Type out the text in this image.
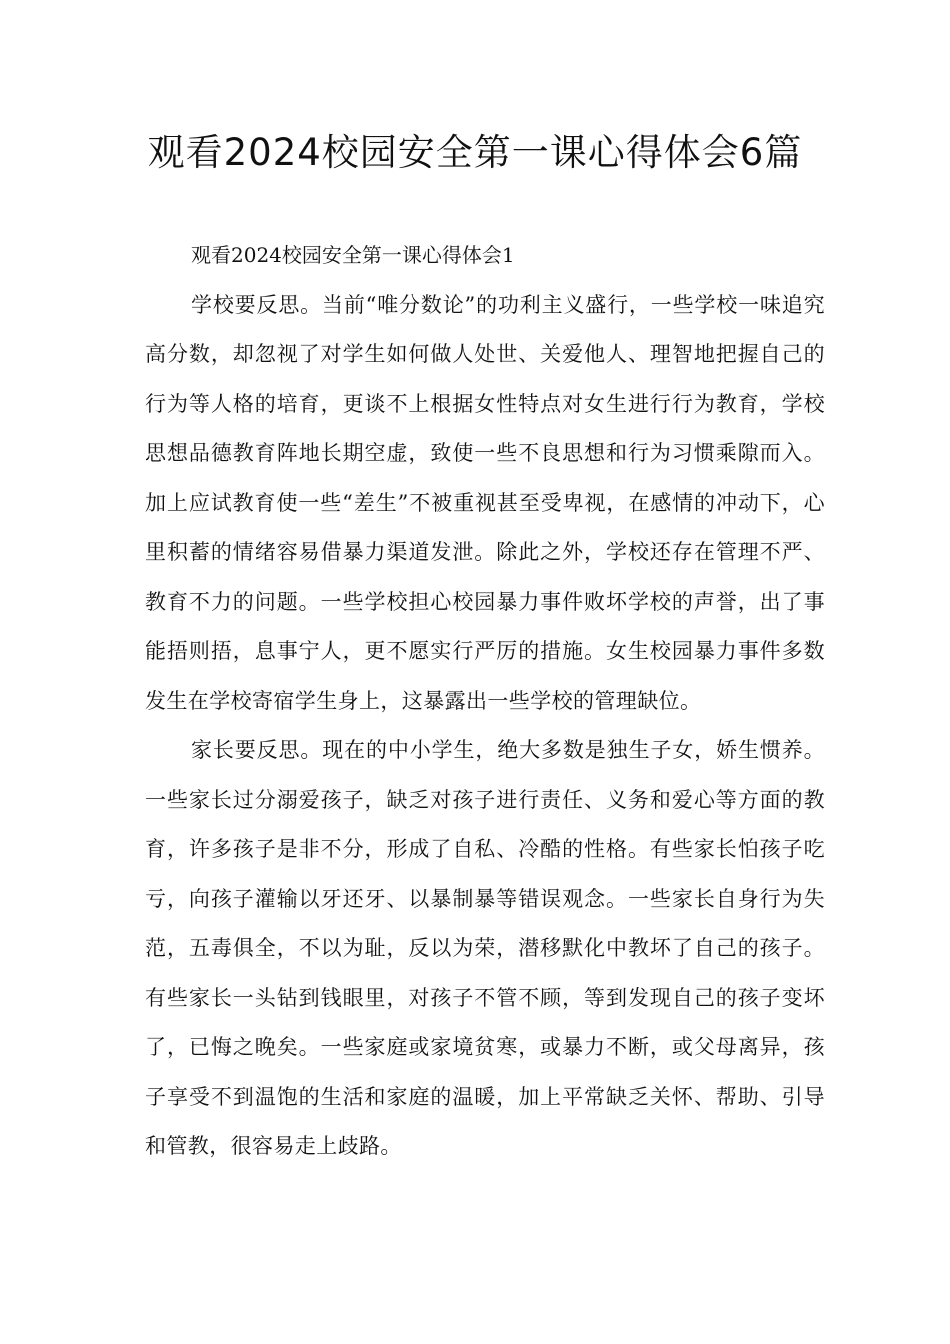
观看2024校园安全第一课心得体会6篇

观看2024校园安全第一课心得体会1

学校要反思。当前“唯分数论”的功利主义盛行，一些学校一味追究高分数，却忽视了对学生如何做人处世、关爱他人、理智地把握自己的行为等人格的培育，更谈不上根据女性特点对女生进行行为教育，学校思想品德教育阵地长期空虚，致使一些不良思想和行为习惯乘隙而入。加上应试教育使一些“差生”不被重视甚至受卑视，在感情的冲动下，心里积蓄的情绪容易借暴力渠道发泄。除此之外，学校还存在管理不严、教育不力的问题。一些学校担心校园暴力事件败坏学校的声誉，出了事能捂则捂，息事宁人，更不愿实行严厉的措施。女生校园暴力事件多数发生在学校寄宿学生身上，这暴露出一些学校的管理缺位。

家长要反思。现在的中小学生，绝大多数是独生子女，娇生惯养。一些家长过分溺爱孩子，缺乏对孩子进行责任、义务和爱心等方面的教育，许多孩子是非不分，形成了自私、冷酷的性格。有些家长怕孩子吃亏，向孩子灌输以牙还牙、以暴制暴等错误观念。一些家长自身行为失范，五毒俱全，不以为耻，反以为荣，潜移默化中教坏了自己的孩子。有些家长一头钻到钱眼里，对孩子不管不顾，等到发现自己的孩子变坏了，已悔之晚矣。一些家庭或家境贫寒，或暴力不断，或父母离异，孩子享受不到温饱的生活和家庭的温暖，加上平常缺乏关怀、帮助、引导和管教，很容易走上歧路。
